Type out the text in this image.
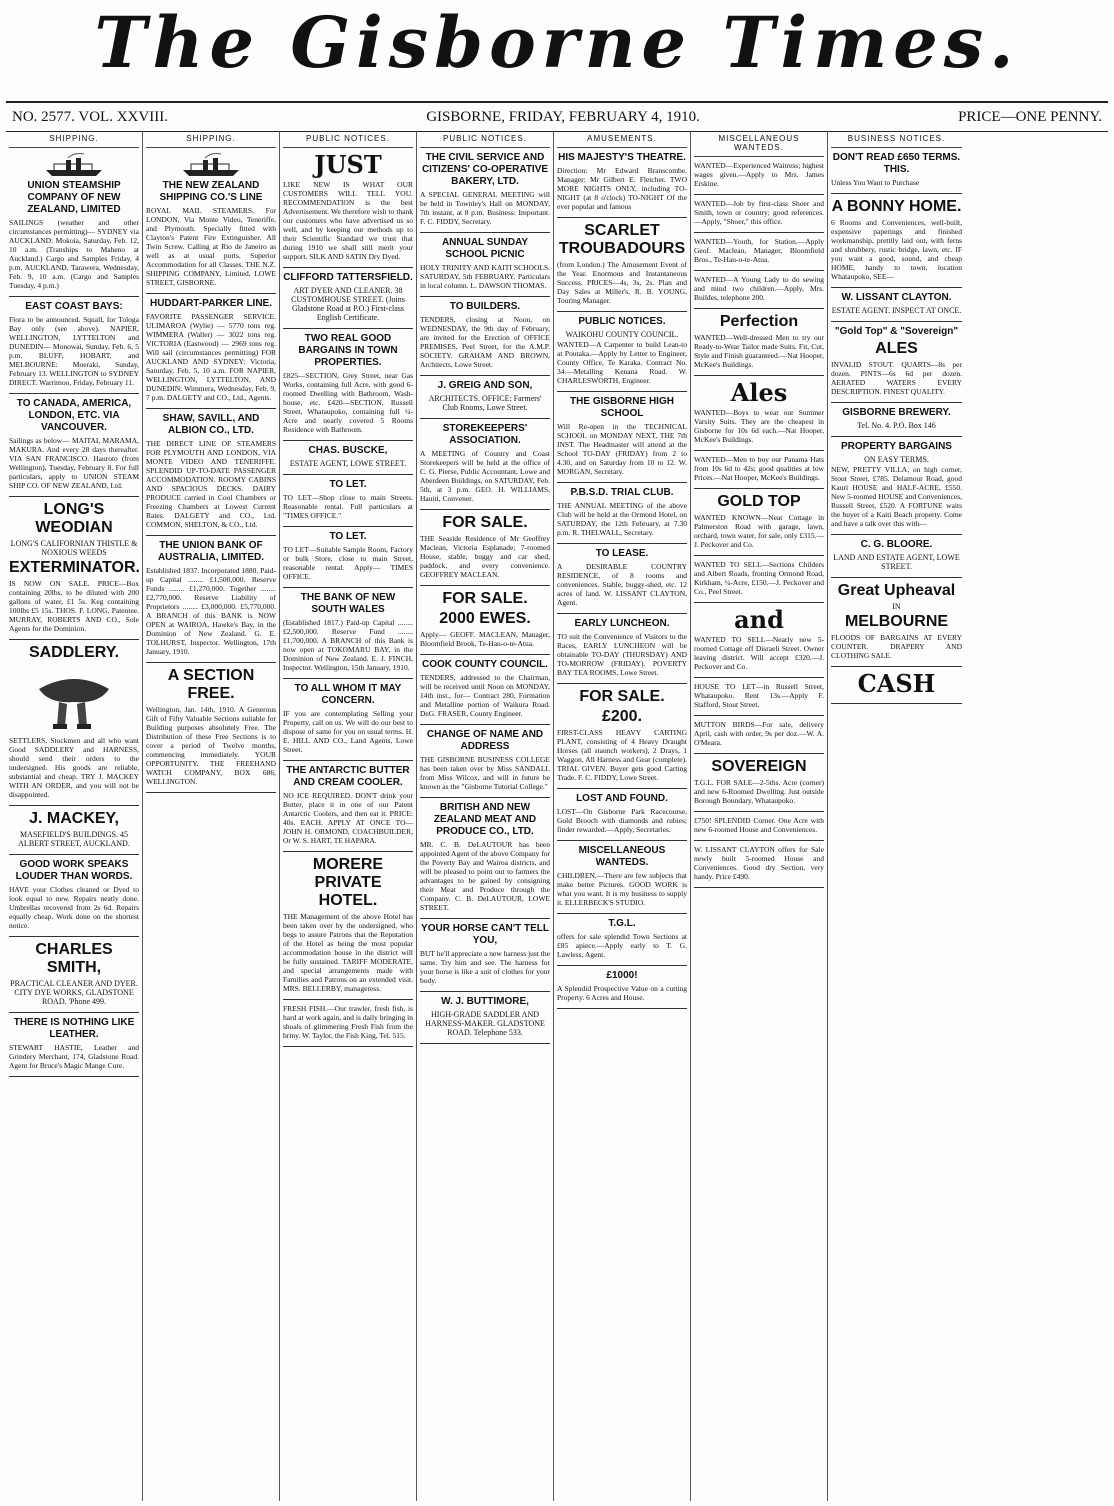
The Gisborne Times.
NO. 2577. VOL. XXVIII.	GISBORNE, FRIDAY, FEBRUARY 4, 1910.	PRICE—ONE PENNY.
SHIPPING.
UNION STEAMSHIP COMPANY OF NEW ZEALAND, LIMITED
SAILINGS (weather and other circumstances permitting)— SYDNEY via AUCKLAND: Mokoia, Saturday, Feb. 12, 10 a.m. (Tranships to Maheno at Auckland.) Cargo and Samples Friday, 4 p.m. AUCKLAND. Tarawera, Wednesday, Feb. 9, 10 a.m. (Cargo and Samples Tuesday, 4 p.m.)
EAST COAST BAYS:
Flora to be announced. Squall, for Tologa Bay only (see above). NAPIER, WELLINGTON, LYTTELTON and DUNEDIN— Monowai, Sunday, Feb. 6, 5 p.m. BLUFF, HOBART, and MELBOURNE: Moeraki, Sunday, February 13. WELLINGTON to SYDNEY DIRECT. Warrimoo, Friday, February 11.
TO CANADA, AMERICA, LONDON, ETC. VIA VANCOUVER.
Sailings as below— MAITAI, MARAMA, MAKURA. And every 28 days thereafter. VIA SAN FRANCISCO. Hauroto (from Wellington), Tuesday, February 8. For full particulars, apply to UNION STEAM SHIP CO. OF NEW ZEALAND, Ltd.
LONG'S WEODIAN
LONG'S CALIFORNIAN THISTLE & NOXIOUS WEEDS
EXTERMINATOR.
IS NOW ON SALE. PRICE—Box containing 20lbs, to be diluted with 200 gallons of water, £1 5s. Keg containing 100lbs £5 15s. THOS. F. LONG, Patentee. MURRAY, ROBERTS AND CO., Sole Agents for the Dominion.
SADDLERY.
SETTLERS, Stockmen and all who want Good SADDLERY and HARNESS, should send their orders to the undersigned. His goods are reliable, substantial and cheap. TRY J. MACKEY WITH AN ORDER, and you will not be disappointed.
J. MACKEY,
MASEFIELD'S BUILDINGS. 45 ALBERT STREET, AUCKLAND.
GOOD WORK SPEAKS LOUDER THAN WORDS.
HAVE your Clothes cleaned or Dyed to look equal to new. Repairs neatly done. Umbrellas recovered from 2s 6d. Repairs equally cheap. Work done on the shortest notice.
CHARLES SMITH,
PRACTICAL CLEANER AND DYER. CITY DYE WORKS, GLADSTONE ROAD. 'Phone 499.
THERE IS NOTHING LIKE LEATHER.
STEWART HASTIE, Leather and Grindery Merchant, 174, Gladstone Road. Agent for Bruce's Magic Mange Cure.
SHIPPING.
THE NEW ZEALAND SHIPPING CO.'S LINE
ROYAL MAIL STEAMERS, For LONDON, Via Monte Video, Teneriffe, and Plymouth. Specially fitted with Clayton's Patent Fire Extinguisher. All Twin Screw. Calling at Rio de Janeiro as well as at usual ports. Superior Accommodation for all Classes. THE N.Z. SHIPPING COMPANY, Limited, LOWE STREET, GISBORNE.
HUDDART-PARKER LINE.
FAVORITE PASSENGER SERVICE. ULIMAROA (Wylie) — 5770 tons reg. WIMMERA (Waller) — 3022 tons reg. VICTORIA (Eastwood) — 2969 tons reg. Will sail (circumstances permitting) FOR AUCKLAND AND SYDNEY: Victoria, Saturday, Feb. 5, 10 a.m. FOR NAPIER, WELLINGTON, LYTTELTON, AND DUNEDIN: Wimmera, Wednesday, Feb. 9, 7 p.m. DALGETY and CO., Ltd., Agents.
SHAW, SAVILL, AND ALBION CO., LTD.
THE DIRECT LINE OF STEAMERS FOR PLYMOUTH AND LONDON, VIA MONTE VIDEO AND TENERIFFE. SPLENDID UP-TO-DATE PASSENGER ACCOMMODATION. ROOMY CABINS AND SPACIOUS DECKS. DAIRY PRODUCE carried in Cool Chambers or Freezing Chambers at Lowest Current Rates. DALGETY and CO., Ltd. COMMON, SHELTON, & CO., Ltd.
THE UNION BANK OF AUSTRALIA, LIMITED.
Established 1837. Incorporated 1880. Paid-up Capital ........ £1,500,000. Reserve Funds ........ £1,270,000. Together ........ £2,770,000. Reserve Liability of Proprietors ........ £3,000,000. £5,770,000. A BRANCH of this BANK is NOW OPEN at WAIROA, Hawke's Bay, in the Dominion of New Zealand. G. E. TOLHURST, Inspector. Wellington, 17th January, 1910.
A SECTION FREE.
Wellington, Jan. 14th, 1910. A Generous Gift of Fifty Valuable Sections suitable for Building purposes absolutely Free. The Distribution of these Free Sections is to cover a period of Twelve months, commencing immediately. YOUR OPPORTUNITY. THE FREEHAND WATCH COMPANY, BOX 686, WELLINGTON.
PUBLIC NOTICES.
JUST
LIKE NEW IS WHAT OUR CUSTOMERS WILL TELL YOU. RECOMMENDATION is the best Advertisement. We therefore wish to thank our customers who have advertised us so well, and by keeping our methods up to their Scientific Standard we trust that during 1910 we shall still merit your support. SILK AND SATIN Dry Dyed.
CLIFFORD TATTERSFIELD.
ART DYER AND CLEANER. 38 CUSTOMHOUSE STREET. (Joins Gladstone Road at P.O.) First-class English Certificate.
TWO REAL GOOD BARGAINS IN TOWN PROPERTIES.
£825—SECTION, Grey Street, near Gas Works, containing full Acre, with good 6-roomed Dwelling with Bathroom, Wash-house, etc. £420—SECTION, Russell Street, Whataupoko, containing full ¼-Acre and nearly covered 5 Rooms Residence with Bathroom.
CHAS. BUSCKE,
ESTATE AGENT, LOWE STREET.
TO LET.
TO LET—Shop close to main Streets. Reasonable rental. Full particulars at "TIMES OFFICE."
TO LET.
TO LET—Suitable Sample Room, Factory or bulk Store, close to main Street, reasonable rental. Apply— TIMES OFFICE.
THE BANK OF NEW SOUTH WALES
(Established 1817.) Paid-up Capital ........ £2,500,000. Reserve Fund ........ £1,700,000. A BRANCH of this Bank is now open at TOKOMARU BAY, in the Dominion of New Zealand. E. J. FINCH, Inspector. Wellington, 15th January, 1910.
TO ALL WHOM IT MAY CONCERN.
IF you are contemplating Selling your Property, call on us. We will do our best to dispose of same for you on usual terms. H. E. HILL AND CO., Land Agents, Lowe Street.
THE ANTARCTIC BUTTER AND CREAM COOLER.
NO ICE REQUIRED. DON'T drink your Butter, place it in one of our Patent Antarctic Coolers, and then eat it. PRICE: 40s. EACH. APPLY AT ONCE TO— JOHN H. ORMOND, COACHBUILDER, Or W. S. HART, TE HAPARA.
MORERE PRIVATE HOTEL.
THE Management of the above Hotel has been taken over by the undersigned, who begs to assure Patrons that the Reputation of the Hotel as being the most popular accommodation house in the district will be fully sustained. TARIFF MODERATE, and special arrangements made with Families and Patrons on an extended visit. MRS. BELLERBY, manageress.
FRESH FISH.—Our trawler, fresh fish, is hard at work again, and is daily bringing in shoals of glimmering Fresh Fish from the briny. W. Taylor, the Fish King, Tel. 515.
PUBLIC NOTICES.
THE CIVIL SERVICE AND CITIZENS' CO-OPERATIVE BAKERY, LTD.
A SPECIAL GENERAL MEETING will be held in Townley's Hall on MONDAY, 7th instant, at 8 p.m. Business: Important. F. C. FIDDY, Secretary.
ANNUAL SUNDAY SCHOOL PICNIC
HOLY TRINITY AND KAITI SCHOOLS. SATURDAY, 5th FEBRUARY. Particulars in local column. L. DAWSON THOMAS.
TO BUILDERS.
TENDERS, closing at Noon, on WEDNESDAY, the 9th day of February, are invited for the Erection of OFFICE PREMISES, Peel Street, for the A.M.P. SOCIETY. GRAHAM AND BROWN, Architects, Lowe Street.
J. GREIG AND SON,
ARCHITECTS. OFFICE: Farmers' Club Rooms, Lowe Street.
STOREKEEPERS' ASSOCIATION.
A MEETING of Country and Coast Storekeepers will be held at the office of C. G. Pierse, Public Accountant, Lowe and Aberdeen Buildings, on SATURDAY, Feb. 5th, at 3 p.m. GEO. H. WILLIAMS, Hauiti, Convener.
FOR SALE.
THE Seaside Residence of Mr Geoffrey Maclean, Victoria Esplanade; 7-roomed House, stable, buggy and car shed, paddock, and every convenience. GEOFFREY MACLEAN.
FOR SALE.
2000 EWES.
Apply— GEOFF. MACLEAN, Manager, Bloomfield Brook, Te-Hau-o-te-Atua.
COOK COUNTY COUNCIL.
TENDERS, addressed to the Chairman, will be received until Noon on MONDAY, 14th inst., for— Contract 280, Formation and Metalline portion of Waikura Road. DeG. FRASER, County Engineer.
CHANGE OF NAME AND ADDRESS
THE GISBORNE BUSINESS COLLEGE has been taken over by Miss SANDALL from Miss Wilcox, and will in future be known as the "Gisborne Tutorial College."
BRITISH AND NEW ZEALAND MEAT AND PRODUCE CO., LTD.
MR. C. B. DeLAUTOUR has been appointed Agent of the above Company for the Poverty Bay and Wairoa districts, and will be pleased to point out to farmers the advantages to be gained by consigning their Meat and Produce through the Company. C. B. DeLAUTOUR, LOWE STREET.
YOUR HORSE CAN'T TELL YOU,
BUT he'll appreciate a new harness just the same. Try him and see. The harness for your horse is like a suit of clothes for your body.
W. J. BUTTIMORE,
HIGH-GRADE SADDLER AND HARNESS-MAKER. GLADSTONE ROAD. Telephone 533.
AMUSEMENTS.
HIS MAJESTY'S THEATRE.
Direction: Mr Edward Branscombe. Manager: Mr Gilbert E. Fletcher. TWO MORE NIGHTS ONLY, including TO-NIGHT (at 8 o'clock) TO-NIGHT Of the ever popular and famous
SCARLET TROUBADOURS
(from London.) The Amusement Event of the Year. Enormous and Instantaneous Success. PRICES—4s, 3s, 2s. Plan and Day Sales at Miller's. R. B. YOUNG, Touring Manager.
PUBLIC NOTICES.
WAIKOHU COUNTY COUNCIL.
WANTED—A Carpenter to build Lean-to at Poutaka.—Apply by Letter to Engineer, County Office, Te Karaka. Contract No. 34.—Metalling Kenana Road. W. CHARLESWORTH, Engineer.
THE GISBORNE HIGH SCHOOL
Will Re-open in the TECHNICAL SCHOOL on MONDAY NEXT, THE 7th INST. The Headmaster will attend at the School TO-DAY (FRIDAY) from 2 to 4.30, and on Saturday from 10 to 12. W. MORGAN, Secretary.
P.B.S.D. TRIAL CLUB.
THE ANNUAL MEETING of the above Club will be held at the Ormond Hotel, on SATURDAY, the 12th February, at 7.30 p.m. R. THELWALL, Secretary.
TO LEASE.
A DESIRABLE COUNTRY RESIDENCE, of 8 rooms and conveniences. Stable, buggy-shed, etc. 12 acres of land. W. LISSANT CLAYTON, Agent.
EARLY LUNCHEON.
TO suit the Convenience of Visitors to the Races, EARLY LUNCHEON will be obtainable TO-DAY (THURSDAY) AND TO-MORROW (FRIDAY). POVERTY BAY TEA ROOMS, Lowe Street.
FOR SALE.
£200.
FIRST-CLASS HEAVY CARTING PLANT, consisting of 4 Heavy Draught Horses (all staunch workers), 2 Drays, 1 Waggon, All Harness and Gear (complete). TRIAL GIVEN. Buyer gets good Carting Trade. F. C. FIDDY, Lowe Street.
LOST AND FOUND.
LOST—On Gisborne Park Racecourse, Gold Brooch with diamonds and rubies; finder rewarded.—Apply, Secretaries.
MISCELLANEOUS WANTEDS.
CHILDREN.—There are few subjects that make better Pictures. GOOD WORK is what you want. It is my business to supply it. ELLERBECK'S STUDIO.
T.G.L.
offers for sale splendid Town Sections at £85 apiece.—Apply early to T. G. Lawless, Agent.
£1000!
A Splendid Prospective Value on a cutting Property. 6 Acres and House.
MISCELLANEOUS WANTEDS.
WANTED—Experienced Waitress; highest wages given.—Apply to Mrs. James Erskine.
WANTED—Job by first-class Shoer and Smith, town or country; good references.—Apply, "Shoer," this office.
WANTED—Youth, for Station.—Apply Geof. Maclean, Manager, Bloomfield Bros., Te-Hau-o-te-Atua.
WANTED—A Young Lady to do sewing and mind two children.—Apply, Mrs. Buildes, telephone 200.
Perfection
WANTED—Well-dressed Men to try our Ready-to-Wear Tailor made Suits. Fit, Cut, Style and Finish guaranteed.—Nat Hooper, McKee's Buildings.
Ales
WANTED—Boys to wear our Summer Varsity Suits. They are the cheapest in Gisborne for 10s 6d each.—Nat Hooper, McKee's Buildings.
WANTED—Men to buy our Panama Hats from 10s 6d to 42s; good qualities at low Prices.—Nat Hooper, McKee's Buildings.
GOLD TOP
WANTED KNOWN—Neat Cottage in Palmerston Road with garage, lawn, orchard, town water, for sale, only £315.—J. Peckover and Co.
WANTED TO SELL—Sections Childers and Albert Roads, fronting Ormond Road, Kirkham, ¼-Acre, £150.—J. Peckover and Co., Peel Street.
and
WANTED TO SELL—Nearly new 5-roomed Cottage off Disraeli Street. Owner leaving district. Will accept £320.—J. Peckover and Co.
HOUSE TO LET—in Russell Street, Whataupoko. Rent 13s.—Apply F. Stafford, Stout Street.
MUTTON BIRDS—For sale, delivery April, cash with order, 9s per doz.—W. A. O'Meara.
SOVEREIGN
T.G.L. FOR SALE—2-5ths. Acre (corner) and new 6-Roomed Dwelling. Just outside Borough Boundary, Whataupoko.
£750! SPLENDID Corner. One Acre with new 6-roomed House and Conveniences.
W. LISSANT CLAYTON offers for Sale newly built 5-roomed House and Conveniences. Good dry Section, very handy. Price £490.
BUSINESS NOTICES.
DON'T READ £650 TERMS. THIS.
Unless You Want to Purchase
A BONNY HOME.
6 Rooms and Conveniences, well-built, expensive paperings and finished workmanship, prettily laid out, with ferns and shrubbery, rustic bridge, lawn, etc. IF you want a good, sound, and cheap HOME, handy to town, location Whataupoko, SEE—
W. LISSANT CLAYTON.
ESTATE AGENT. INSPECT AT ONCE.
"Gold Top" & "Sovereign"
ALES
INVALID STOUT. QUARTS—8s per dozen. PINTS—6s 6d per dozen. AERATED WATERS EVERY DESCRIPTION. FINEST QUALITY.
GISBORNE BREWERY.
Tel. No. 4. P.O. Box 146
PROPERTY BARGAINS
ON EASY TERMS.
NEW, PRETTY VILLA, on high corner, Stout Street, £785. Delamour Road, good Kauri HOUSE and HALF-ACRE, £550. New 5-roomed HOUSE and Conveniences, Russell Street, £520. A FORTUNE waits the buyer of a Kaiti Beach property. Come and have a talk over this with—
C. G. BLOORE.
LAND AND ESTATE AGENT, LOWE STREET.
Great Upheaval
IN
MELBOURNE
FLOODS OF BARGAINS AT EVERY COUNTER. DRAPERY AND CLOTHING SALE.
CASH
